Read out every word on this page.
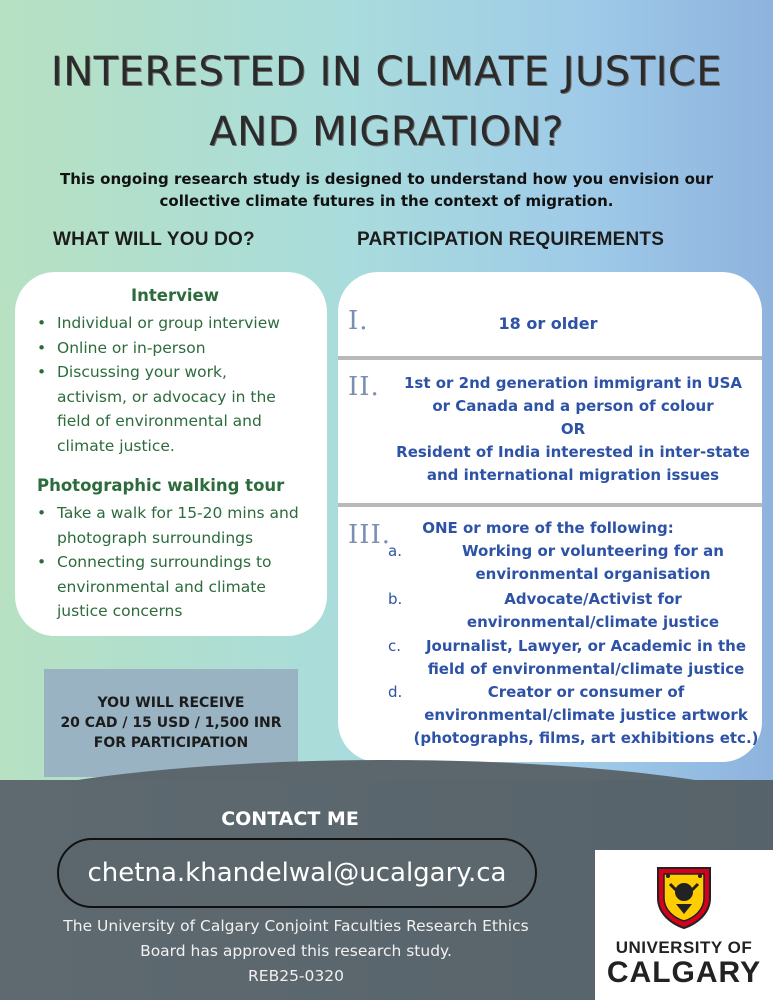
INTERESTED IN CLIMATE JUSTICE
AND MIGRATION?
This ongoing research study is designed to understand how you envision our
collective climate futures in the context of migration.
WHAT WILL YOU DO?	PARTICIPATION REQUIREMENTS
Interview
• Individual or group interview
• Online or in-person
• Discussing your work, activism, or advocacy in the field of environmental and climate justice.
Photographic walking tour
• Take a walk for 15-20 mins and photograph surroundings
• Connecting surroundings to environmental and climate justice concerns
YOU WILL RECEIVE
20 CAD / 15 USD / 1,500 INR
FOR PARTICIPATION
I.	18 or older
II.	1st or 2nd generation immigrant in USA
or Canada and a person of colour
OR
Resident of India interested in inter-state
and international migration issues
III.	ONE or more of the following:
a.	Working or volunteering for an
environmental organisation
b.	Advocate/Activist for
environmental/climate justice
c.	Journalist, Lawyer, or Academic in the
field of environmental/climate justice
d.	Creator or consumer of
environmental/climate justice artwork
(photographs, films, art exhibitions etc.)
CONTACT ME
chetna.khandelwal@ucalgary.ca
The University of Calgary Conjoint Faculties Research Ethics
Board has approved this research study.
REB25-0320
UNIVERSITY OF
CALGARY
